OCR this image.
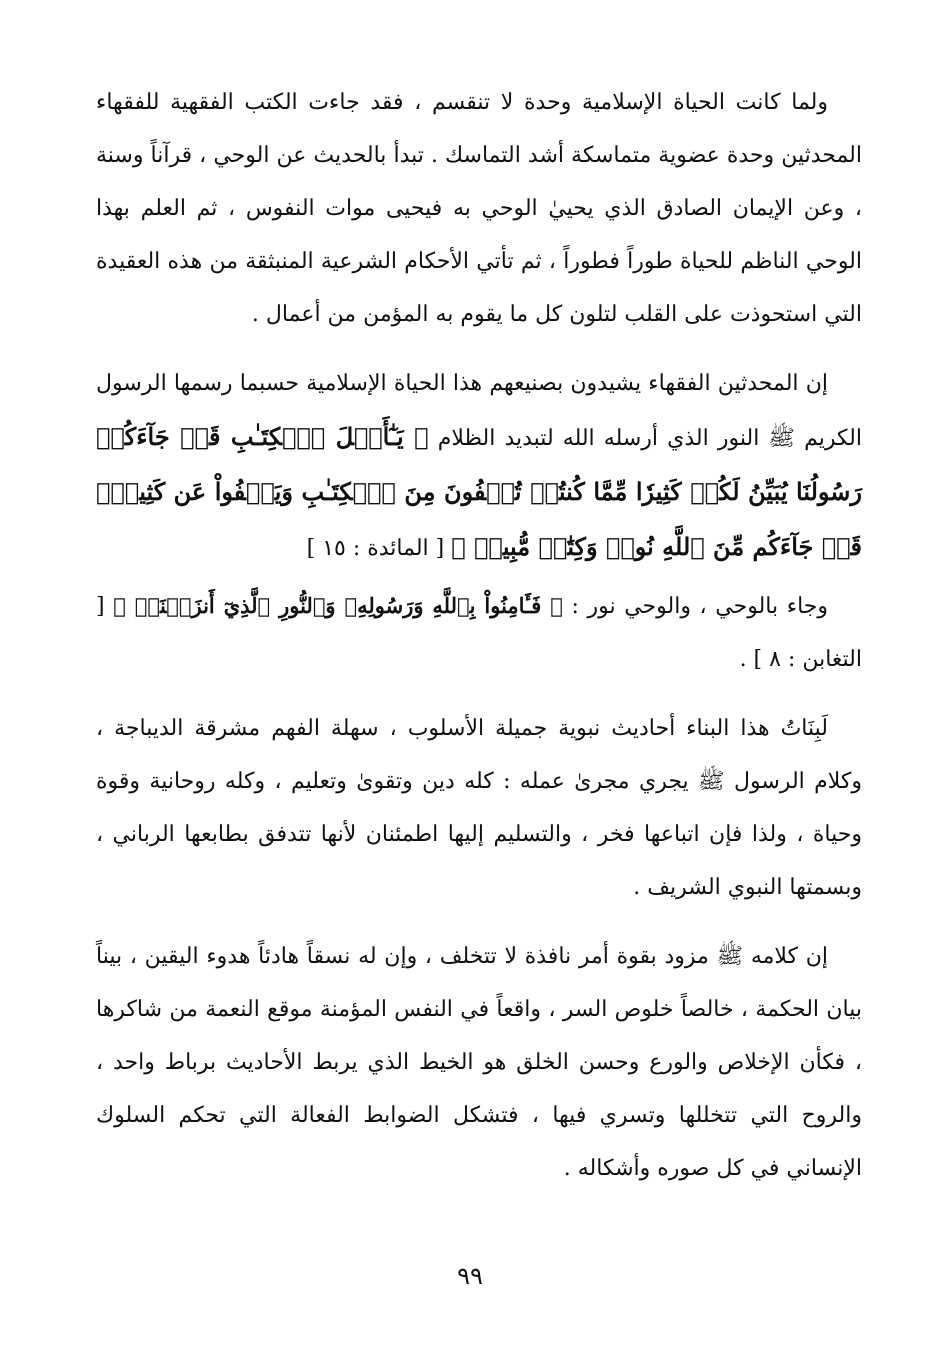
ولما كانت الحياة الإسلامية وحدة لا تنقسم ، فقد جاءت الكتب الفقهية للفقهاء المحدثين وحدة عضوية متماسكة أشد التماسك . تبدأ بالحديث عن الوحي ، قرآناً وسنة ، وعن الإيمان الصادق الذي يحييٰ الوحي به فيحيى موات النفوس ، ثم العلم بهذا الوحي الناظم للحياة طوراً فطوراً ، ثم تأتي الأحكام الشرعية المنبثقة من هذه العقيدة التي استحوذت على القلب لتلون كل ما يقوم به المؤمن من أعمال .

إن المحدثين الفقهاء يشيدون بصنيعهم هذا الحياة الإسلامية حسبما رسمها الرسول الكريم ﷺ النور الذي أرسله الله لتبديد الظلام ﴿ يَـٰٓأَهۡلَ ٱلۡكِتَـٰبِ قَدۡ جَآءَكُمۡ رَسُولُنَا يُبَيِّنُ لَكُمۡ كَثِيرٗا مِّمَّا كُنتُمۡ تُخۡفُونَ مِنَ ٱلۡكِتَـٰبِ وَيَعۡفُواْ عَن كَثِيرٖۚ قَدۡ جَآءَكُم مِّنَ ٱللَّهِ نُورٞ وَكِتَٰبٞ مُّبِينٞ ﴾ [ المائدة : ١٥ ]

وجاء بالوحي ، والوحي نور : ﴿ فَـَٔامِنُواْ بِٱللَّهِ وَرَسُولِهِۦ وَٱلنُّورِ ٱلَّذِيٓ أَنزَلۡنَاۚ ﴾ [ التغابن : ٨ ] .

لَبِنَاتُ هذا البناء أحاديث نبوية جميلة الأسلوب ، سهلة الفهم مشرقة الديباجة ، وكلام الرسول ﷺ يجري مجرىٰ عمله : كله دين وتقوىٰ وتعليم ، وكله روحانية وقوة وحياة ، ولذا فإن اتباعها فخر ، والتسليم إليها اطمئنان لأنها تتدفق بطابعها الرباني ، وبسمتها النبوي الشريف .

إن كلامه ﷺ مزود بقوة أمر نافذة لا تتخلف ، وإن له نسقاً هادئاً هدوء اليقين ، بيناً بيان الحكمة ، خالصاً خلوص السر ، واقعاً في النفس المؤمنة موقع النعمة من شاكرها ، فكأن الإخلاص والورع وحسن الخلق هو الخيط الذي يربط الأحاديث برباط واحد ، والروح التي تتخللها وتسري فيها ، فتشكل الضوابط الفعالة التي تحكم السلوك الإنساني في كل صوره وأشكاله .

٩٩
